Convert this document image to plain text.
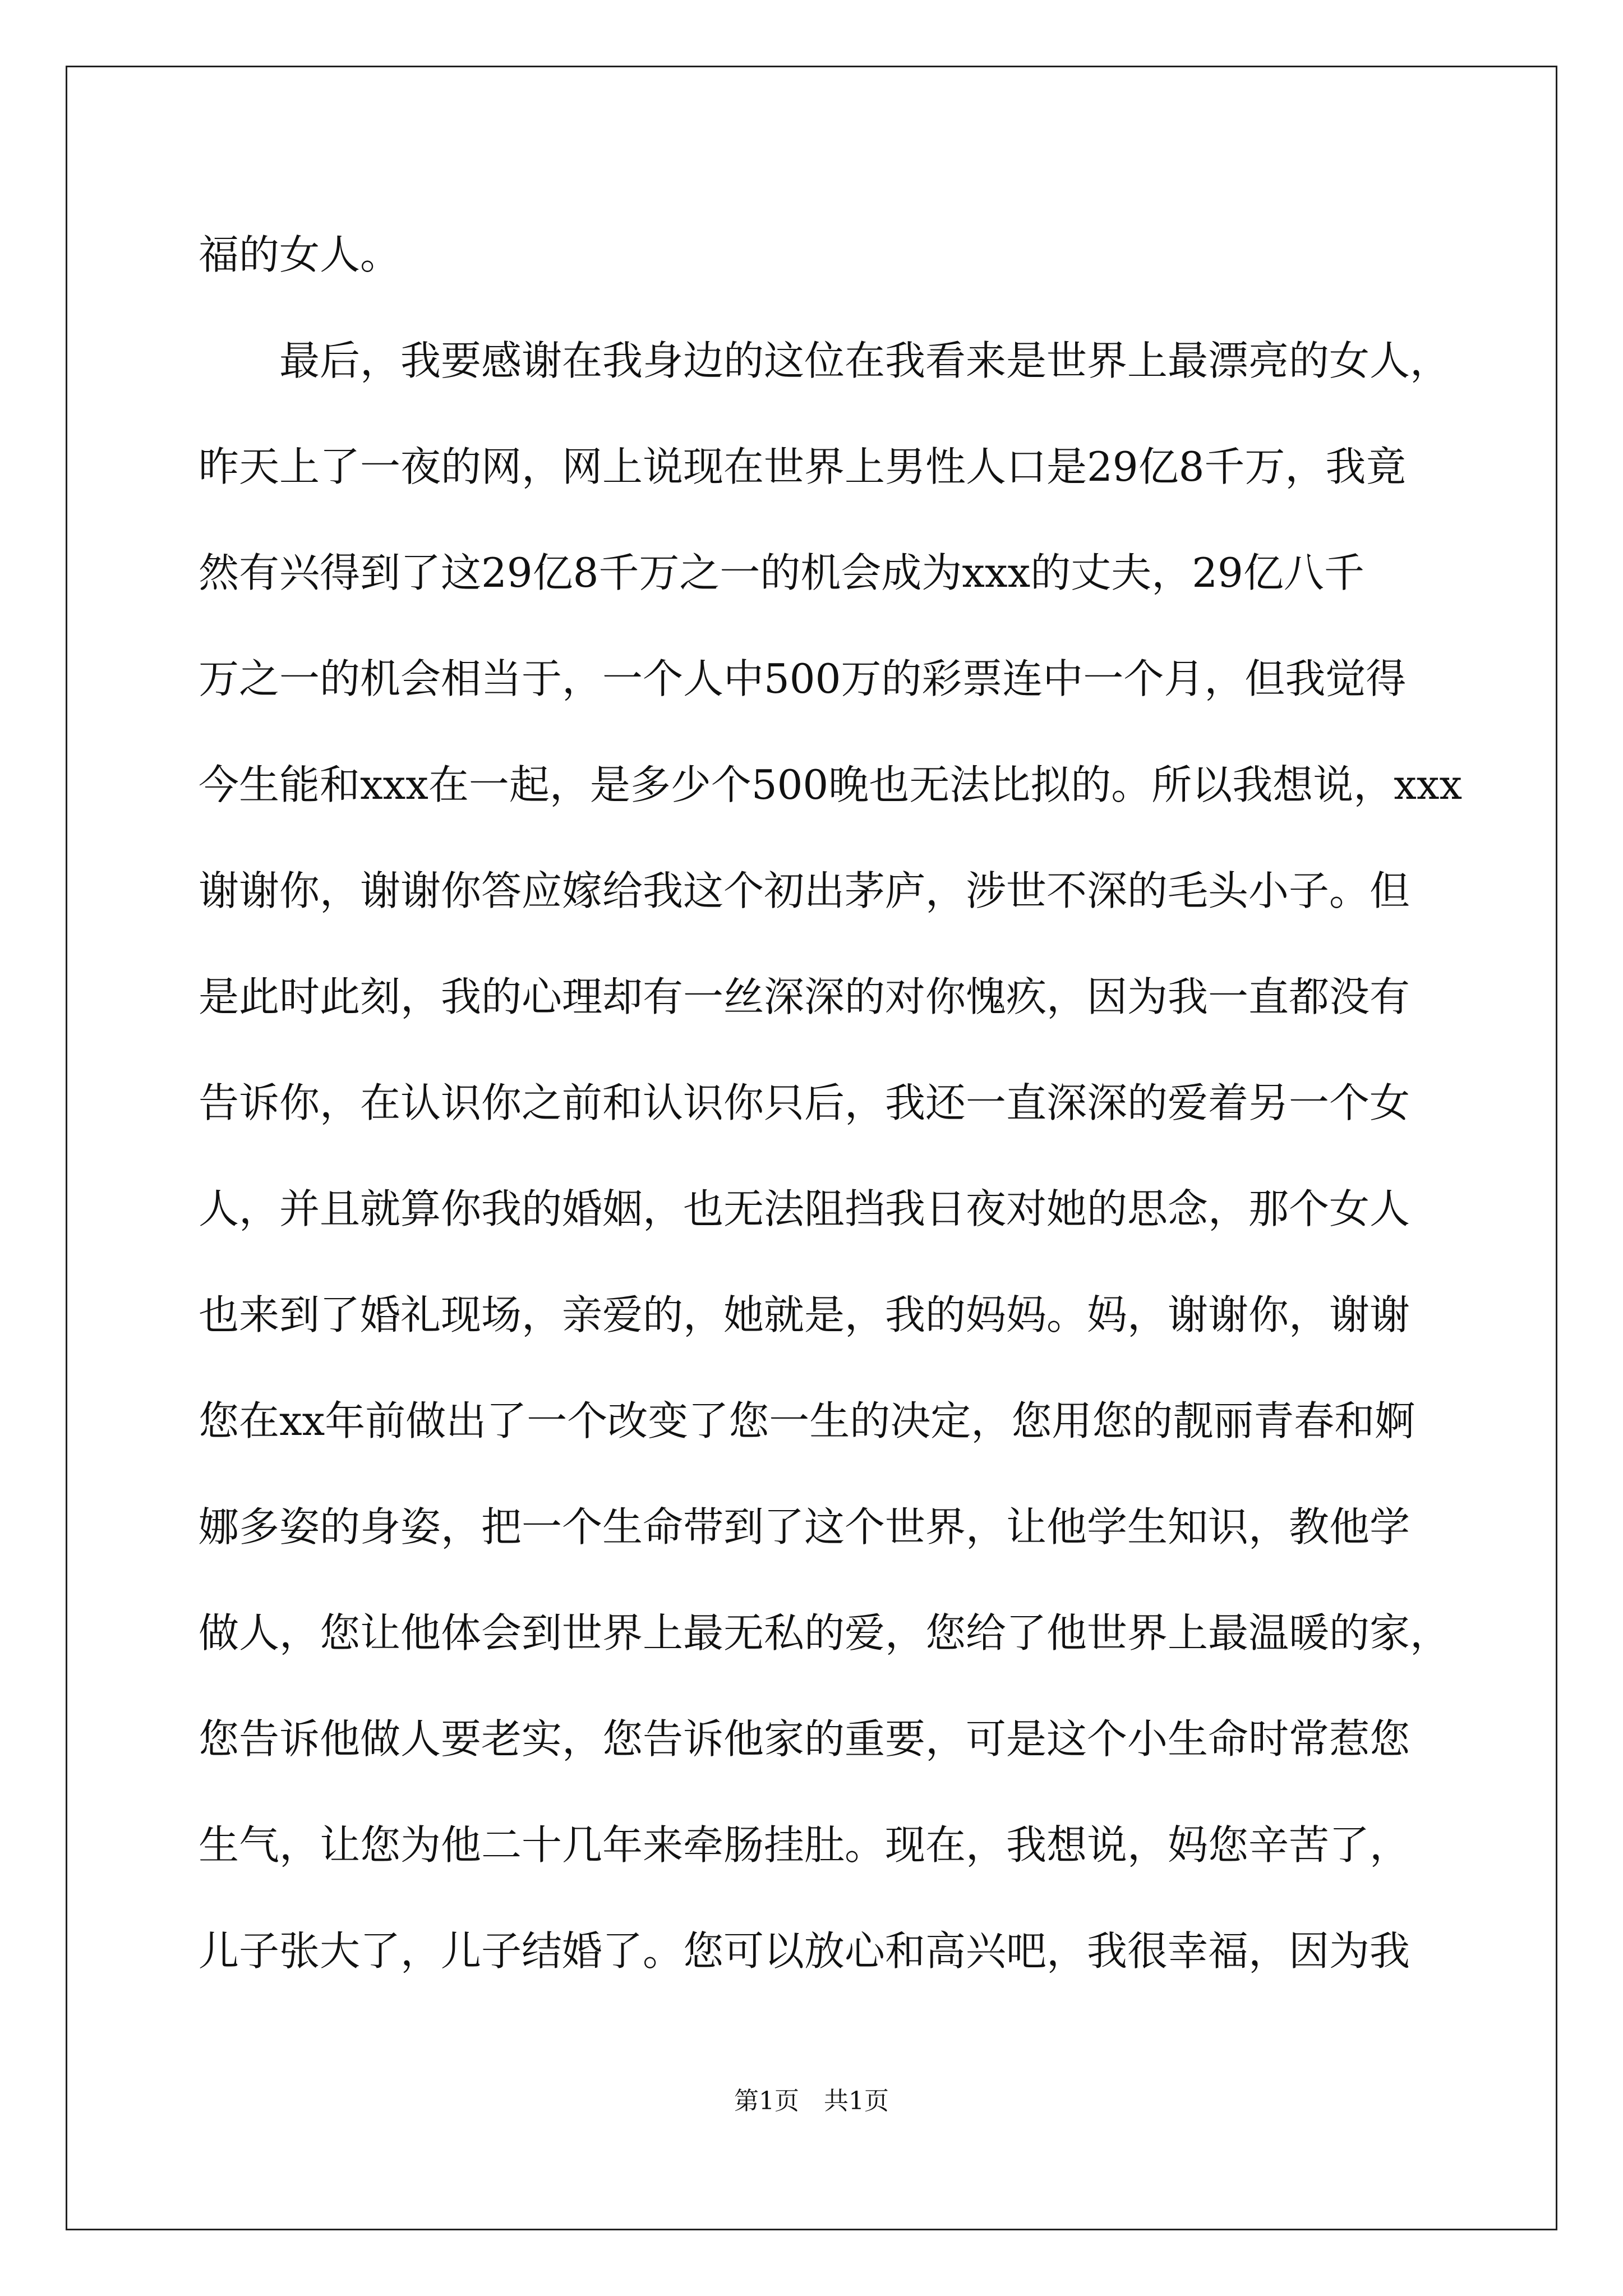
福的女人。
　　最后，我要感谢在我身边的这位在我看来是世界上最漂亮的女人，
昨天上了一夜的网，网上说现在世界上男性人口是29亿8千万，我竟
然有兴得到了这29亿8千万之一的机会成为xxx的丈夫，29亿八千
万之一的机会相当于，一个人中500万的彩票连中一个月，但我觉得
今生能和xxx在一起，是多少个500晚也无法比拟的。所以我想说，xxx
谢谢你，谢谢你答应嫁给我这个初出茅庐，涉世不深的毛头小子。但
是此时此刻，我的心理却有一丝深深的对你愧疚，因为我一直都没有
告诉你，在认识你之前和认识你只后，我还一直深深的爱着另一个女
人，并且就算你我的婚姻，也无法阻挡我日夜对她的思念，那个女人
也来到了婚礼现场，亲爱的，她就是，我的妈妈。妈，谢谢你，谢谢
您在xx年前做出了一个改变了您一生的决定，您用您的靓丽青春和婀
娜多姿的身姿，把一个生命带到了这个世界，让他学生知识，教他学
做人，您让他体会到世界上最无私的爱，您给了他世界上最温暖的家，
您告诉他做人要老实，您告诉他家的重要，可是这个小生命时常惹您
生气，让您为他二十几年来牵肠挂肚。现在，我想说，妈您辛苦了，
儿子张大了，儿子结婚了。您可以放心和高兴吧，我很幸福，因为我
第1页 共1页
